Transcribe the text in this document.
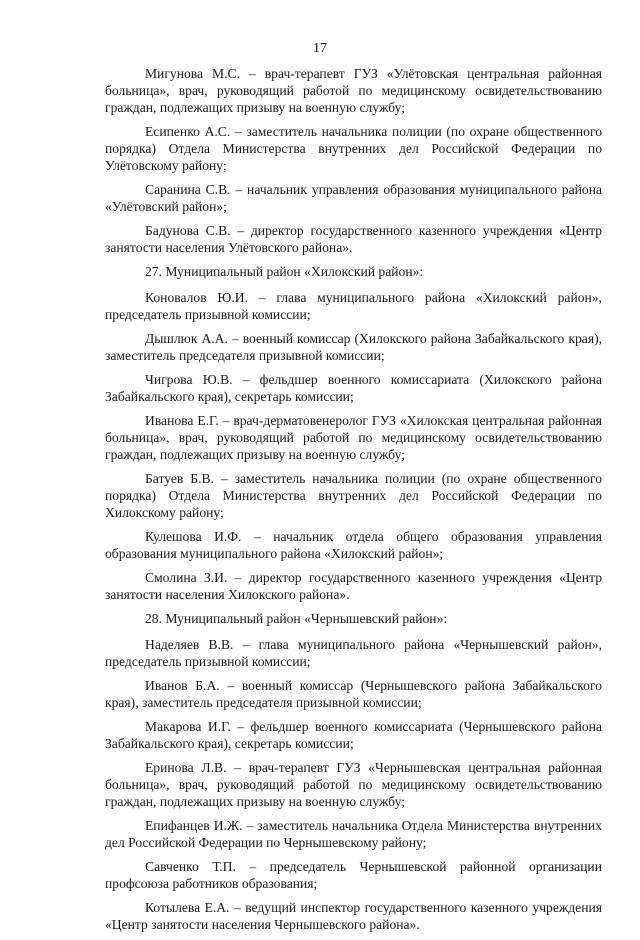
17

Мигунова М.С. – врач-терапевт ГУЗ «Улётовская центральная районная больница», врач, руководящий работой по медицинскому освидетельствованию граждан, подлежащих призыву на военную службу;

Есипенко А.С. – заместитель начальника полиции (по охране общественного порядка) Отдела Министерства внутренних дел Российской Федерации по Улётовскому району;

Саранина С.В. – начальник управления образования муниципального района «Улётовский район»;

Бадунова С.В. – директор государственного казенного учреждения «Центр занятости населения Улётовского района».

27. Муниципальный район «Хилокский район»:

Коновалов Ю.И. – глава муниципального района «Хилокский район», председатель призывной комиссии;

Дышлюк А.А. – военный комиссар (Хилокского района Забайкальского края), заместитель председателя призывной комиссии;

Чигрова Ю.В. – фельдшер военного комиссариата (Хилокского района Забайкальского края), секретарь комиссии;

Иванова Е.Г. – врач-дерматовенеролог ГУЗ «Хилокская центральная районная больница», врач, руководящий работой по медицинскому освидетельствованию граждан, подлежащих призыву на военную службу;

Батуев Б.В. – заместитель начальника полиции (по охране общественного порядка) Отдела Министерства внутренних дел Российской Федерации по Хилокскому району;

Кулешова И.Ф. – начальник отдела общего образования управления образования муниципального района «Хилокский район»;

Смолина З.И. – директор государственного казенного учреждения «Центр занятости населения Хилокского района».

28. Муниципальный район «Чернышевский район»:

Наделяев В.В. – глава муниципального района «Чернышевский район», председатель призывной комиссии;

Иванов Б.А. – военный комиссар (Чернышевского района Забайкальского края), заместитель председателя призывной комиссии;

Макарова И.Г. – фельдшер военного комиссариата (Чернышевского района Забайкальского края), секретарь комиссии;

Еринова Л.В. – врач-терапевт ГУЗ «Чернышевская центральная районная больница», врач, руководящий работой по медицинскому освидетельствованию граждан, подлежащих призыву на военную службу;

Епифанцев И.Ж. – заместитель начальника Отдела Министерства внутренних дел Российской Федерации по Чернышевскому району;

Савченко Т.П. – председатель Чернышевской районной организации профсоюза работников образования;

Котылева Е.А. – ведущий инспектор государственного казенного учреждения «Центр занятости населения Чернышевского района».
